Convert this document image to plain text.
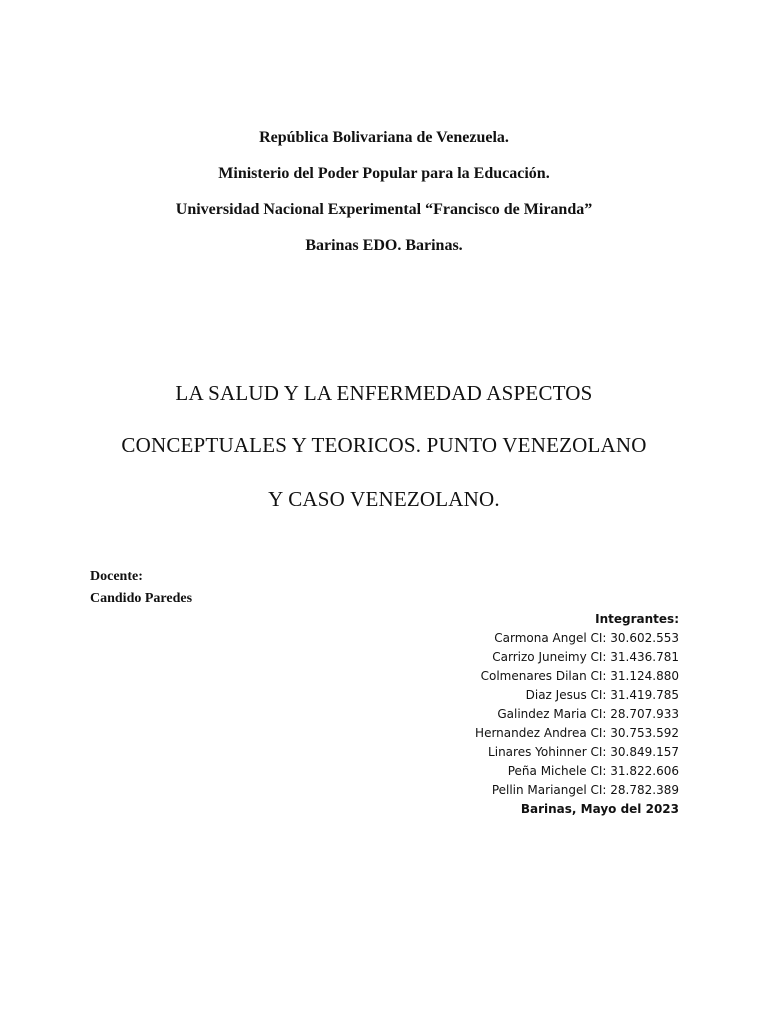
República Bolivariana de Venezuela.
Ministerio del Poder Popular para la Educación.
Universidad Nacional Experimental “Francisco de Miranda”
Barinas EDO. Barinas.
LA SALUD Y LA ENFERMEDAD ASPECTOS
CONCEPTUALES Y TEORICOS. PUNTO VENEZOLANO
Y CASO VENEZOLANO.
Docente:
Candido Paredes
Integrantes:
Carmona Angel CI: 30.602.553
Carrizo Juneimy CI: 31.436.781
Colmenares Dilan CI: 31.124.880
Diaz Jesus CI: 31.419.785
Galindez Maria CI: 28.707.933
Hernandez Andrea CI: 30.753.592
Linares Yohinner CI: 30.849.157
Peña Michele CI: 31.822.606
Pellin Mariangel CI: 28.782.389
Barinas, Mayo del 2023
